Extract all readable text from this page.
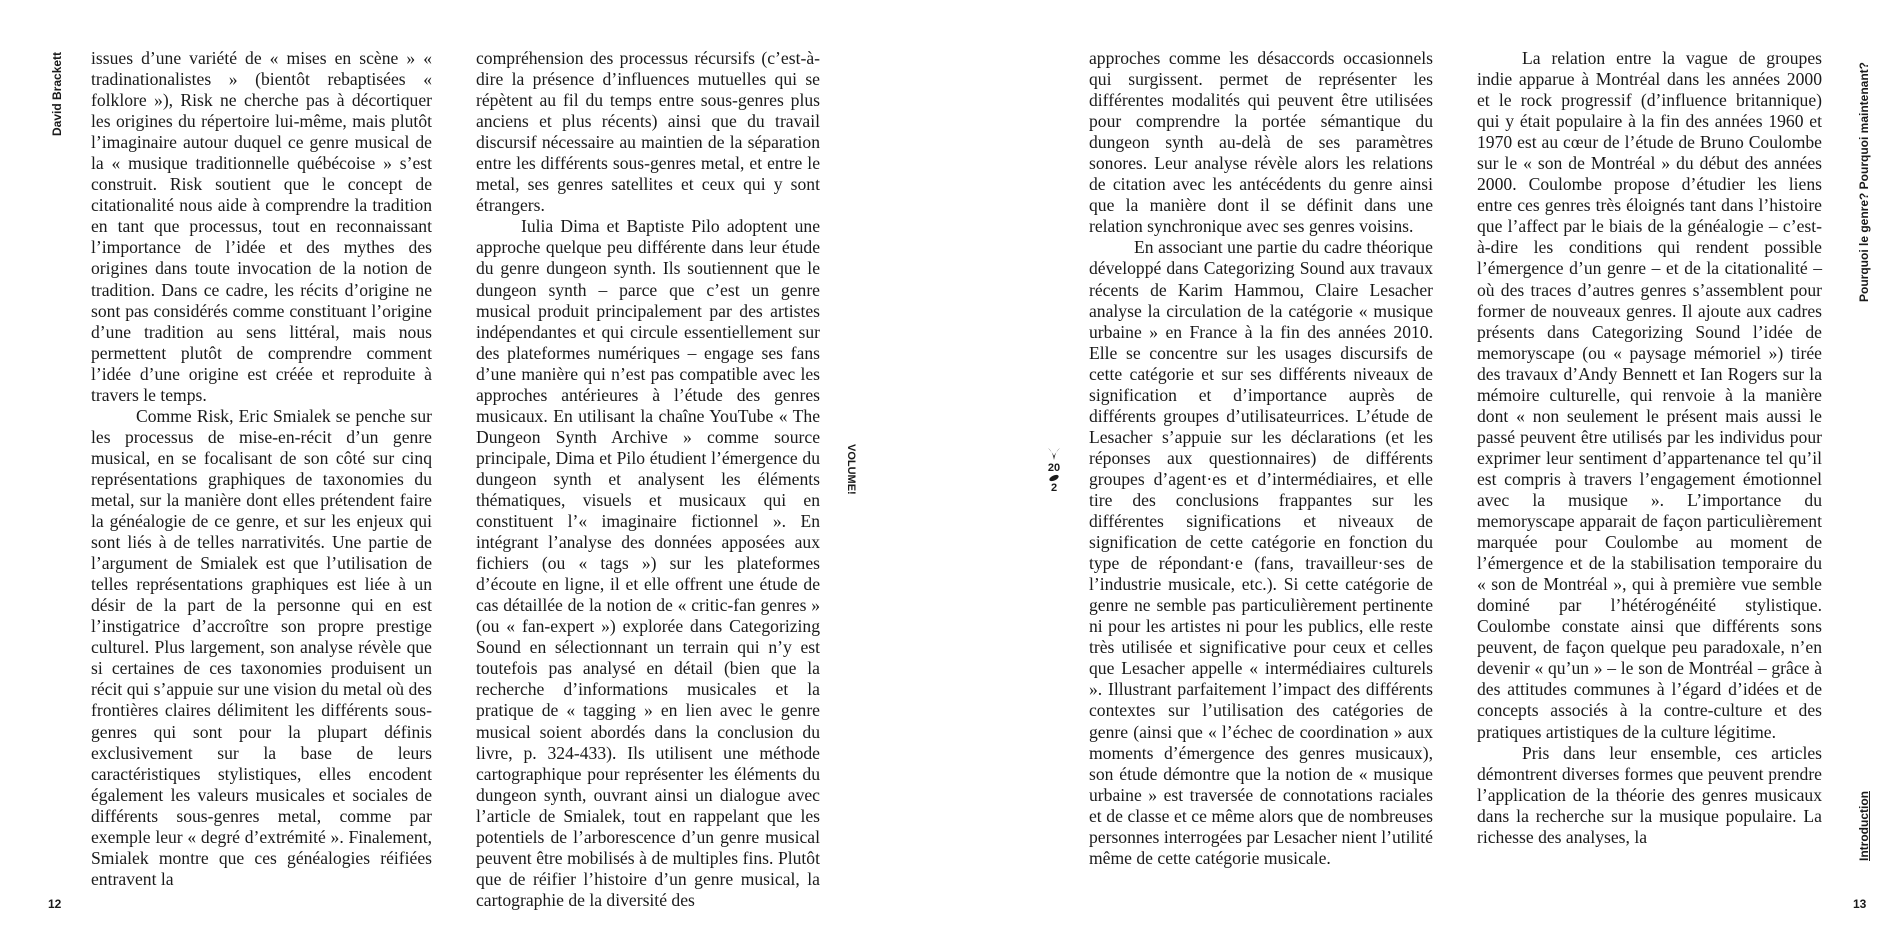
David Brackett issues d’une variété de « mises en scène » « tradinationalistes » (bientôt rebaptisées « folklore »), Risk ne cherche pas à décortiquer les origines du répertoire lui-même, mais plutôt l’imaginaire autour duquel ce genre musical de la « musique traditionnelle québécoise » s’est construit. Risk soutient que le concept de citationalité nous aide à comprendre la tradition en tant que processus, tout en reconnaissant l’importance de l’idée et des mythes des origines dans toute invocation de la notion de tradition. Dans ce cadre, les récits d’origine ne sont pas considérés comme constituant l’origine d’une tradition au sens littéral, mais nous permettent plutôt de comprendre comment l’idée d’une origine est créée et reproduite à travers le temps.

Comme Risk, Eric Smialek se penche sur les processus de mise-en-récit d’un genre musical, en se focalisant de son côté sur cinq représentations graphiques de taxonomies du metal, sur la manière dont elles prétendent faire la généalogie de ce genre, et sur les enjeux qui sont liés à de telles narrativités. Une partie de l’argument de Smialek est que l’utilisation de telles représentations graphiques est liée à un désir de la part de la personne qui en est l’instigatrice d’accroître son propre prestige culturel. Plus largement, son analyse révèle que si certaines de ces taxonomies produisent un récit qui s’appuie sur une vision du metal où des frontières claires délimitent les différents sous-genres qui sont pour la plupart définis exclusivement sur la base de leurs caractéristiques stylistiques, elles encodent également les valeurs musicales et sociales de différents sous-genres metal, comme par exemple leur « degré d’extrémité ». Finalement, Smialek montre que ces généalogies réifiées entravent la

compréhension des processus récursifs (c’est-à-dire la présence d’influences mutuelles qui se répètent au fil du temps entre sous-genres plus anciens et plus récents) ainsi que du travail discursif nécessaire au maintien de la séparation entre les différents sous-genres metal, et entre le metal, ses genres satellites et ceux qui y sont étrangers.

Iulia Dima et Baptiste Pilo adoptent une approche quelque peu différente dans leur étude du genre dungeon synth. Ils soutiennent que le dungeon synth – parce que c’est un genre musical produit principalement par des artistes indépendantes et qui circule essentiellement sur des plateformes numériques – engage ses fans d’une manière qui n’est pas compatible avec les approches antérieures à l’étude des genres musicaux. En utilisant la chaîne YouTube « The Dungeon Synth Archive » comme source principale, Dima et Pilo étudient l’émergence du dungeon synth et analysent les éléments thématiques, visuels et musicaux qui en constituent l’« imaginaire fictionnel ». En intégrant l’analyse des données apposées aux fichiers (ou « tags ») sur les plateformes d’écoute en ligne, il et elle offrent une étude de cas détaillée de la notion de « critic-fan genres » (ou « fan-expert ») explorée dans Categorizing Sound en sélectionnant un terrain qui n’y est toutefois pas analysé en détail (bien que la recherche d’informations musicales et la pratique de « tagging » en lien avec le genre musical soient abordés dans la conclusion du livre, p. 324-433). Ils utilisent une méthode cartographique pour représenter les éléments du dungeon synth, ouvrant ainsi un dialogue avec l’article de Smialek, tout en rappelant que les potentiels de l’arborescence d’un genre musical peuvent être mobilisés à de multiples fins. Plutôt que de réifier l’histoire d’un genre musical, la cartographie de la diversité des

VOLUME!
12
20
2

approches comme les désaccords occasionnels qui surgissent. permet de représenter les différentes modalités qui peuvent être utilisées pour comprendre la portée sémantique du dungeon synth au-delà de ses paramètres sonores. Leur analyse révèle alors les relations de citation avec les antécédents du genre ainsi que la manière dont il se définit dans une relation synchronique avec ses genres voisins.

En associant une partie du cadre théorique développé dans Categorizing Sound aux travaux récents de Karim Hammou, Claire Lesacher analyse la circulation de la catégorie « musique urbaine » en France à la fin des années 2010. Elle se concentre sur les usages discursifs de cette catégorie et sur ses différents niveaux de signification et d’importance auprès de différents groupes d’utilisateurrices. L’étude de Lesacher s’appuie sur les déclarations (et les réponses aux questionnaires) de différents groupes d’agent·es et d’intermédiaires, et elle tire des conclusions frappantes sur les différentes significations et niveaux de signification de cette catégorie en fonction du type de répondant·e (fans, travailleur·ses de l’industrie musicale, etc.). Si cette catégorie de genre ne semble pas particulièrement pertinente ni pour les artistes ni pour les publics, elle reste très utilisée et significative pour ceux et celles que Lesacher appelle « intermédiaires culturels ». Illustrant parfaitement l’impact des différents contextes sur l’utilisation des catégories de genre (ainsi que « l’échec de coordination » aux moments d’émergence des genres musicaux), son étude démontre que la notion de « musique urbaine » est traversée de connotations raciales et de classe et ce même alors que de nombreuses personnes interrogées par Lesacher nient l’utilité même de cette catégorie musicale.

La relation entre la vague de groupes indie apparue à Montréal dans les années 2000 et le rock progressif (d’influence britannique) qui y était populaire à la fin des années 1960 et 1970 est au cœur de l’étude de Bruno Coulombe sur le « son de Montréal » du début des années 2000. Coulombe propose d’étudier les liens entre ces genres très éloignés tant dans l’histoire que l’affect par le biais de la généalogie – c’est-à-dire les conditions qui rendent possible l’émergence d’un genre – et de la citationalité – où des traces d’autres genres s’assemblent pour former de nouveaux genres. Il ajoute aux cadres présents dans Categorizing Sound l’idée de memoryscape (ou « paysage mémoriel ») tirée des travaux d’Andy Bennett et Ian Rogers sur la mémoire culturelle, qui renvoie à la manière dont « non seulement le présent mais aussi le passé peuvent être utilisés par les individus pour exprimer leur sentiment d’appartenance tel qu’il est compris à travers l’engagement émotionnel avec la musique ». L’importance du memoryscape apparait de façon particulièrement marquée pour Coulombe au moment de l’émergence et de la stabilisation temporaire du « son de Montréal », qui à première vue semble dominé par l’hétérogénéité stylistique. Coulombe constate ainsi que différents sons peuvent, de façon quelque peu paradoxale, n’en devenir « qu’un » – le son de Montréal – grâce à des attitudes communes à l’égard d’idées et de concepts associés à la contre-culture et des pratiques artistiques de la culture légitime.

Pris dans leur ensemble, ces articles démontrent diverses formes que peuvent prendre l’application de la théorie des genres musicaux dans la recherche sur la musique populaire. La richesse des analyses, la

Pourquoi le genre? Pourquoi maintenant?
Introduction
13
